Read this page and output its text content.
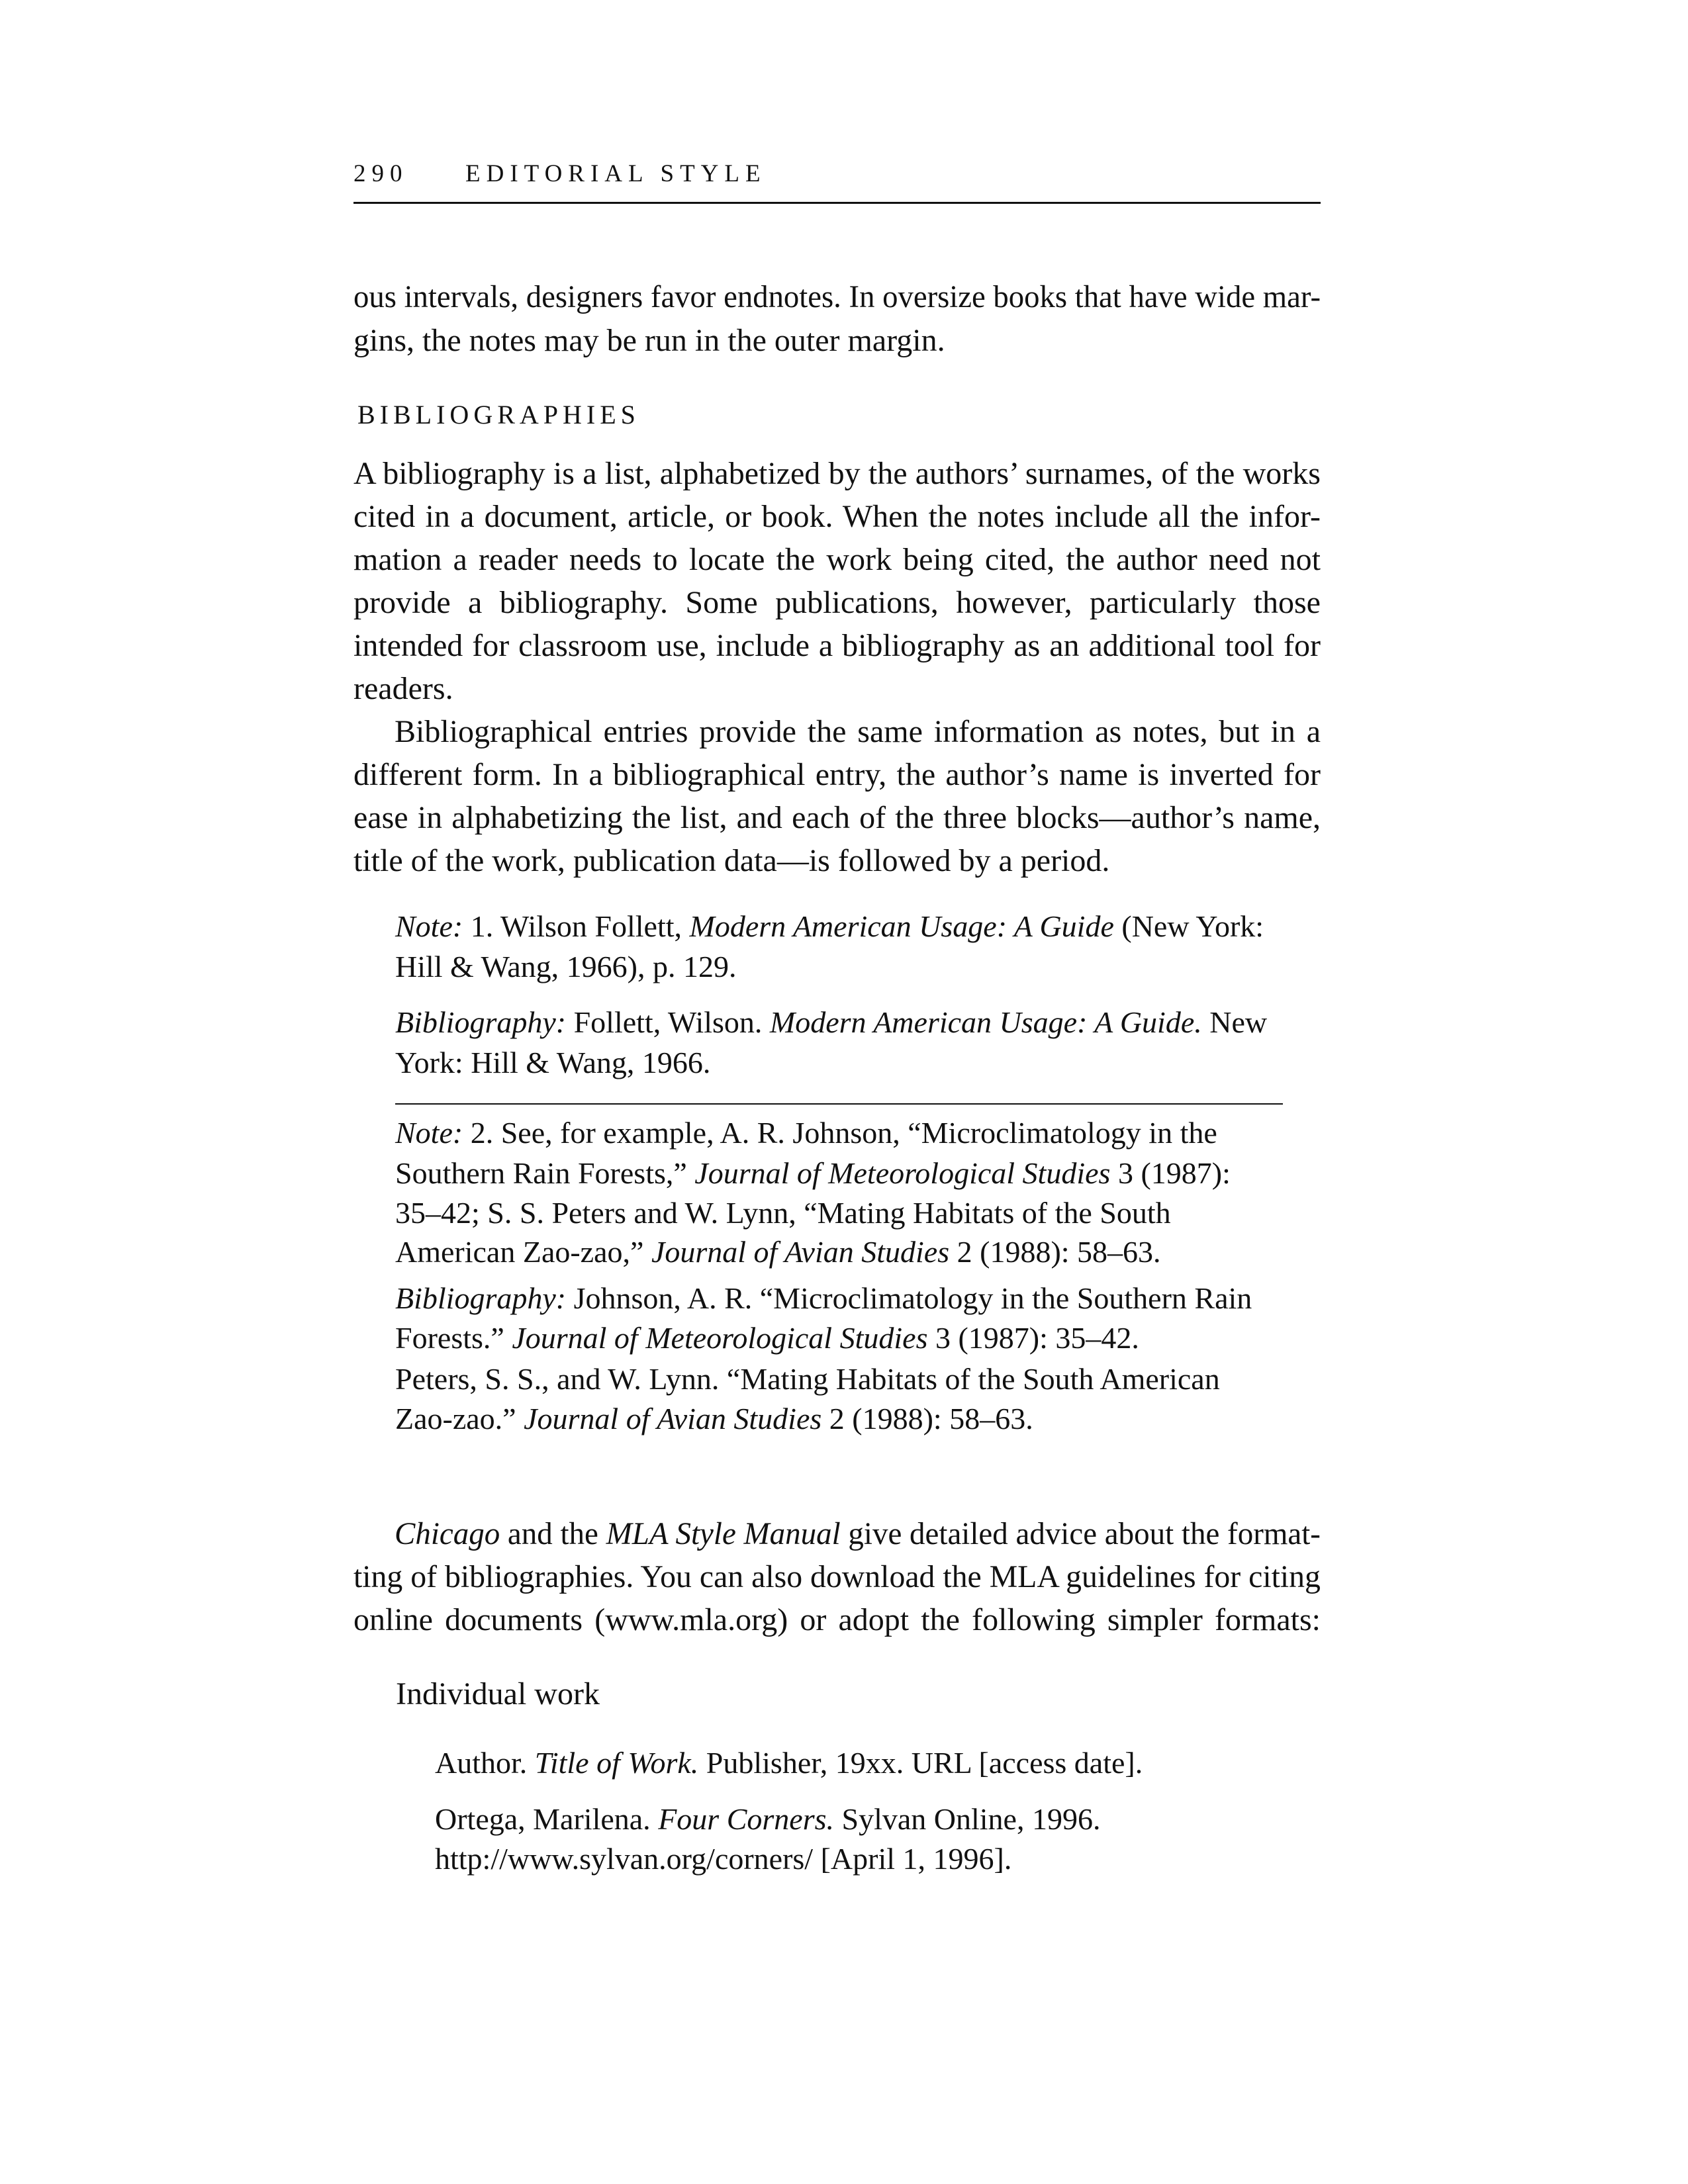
290 EDITORIAL STYLE
BIBLIOGRAPHIES
ous intervals, designers favor endnotes. In oversize books that have wide mar-
gins, the notes may be run in the outer margin.
A bibliography is a list, alphabetized by the authors’ surnames, of the works
cited in a document, article, or book. When the notes include all the infor-
mation a reader needs to locate the work being cited, the author need not
provide a bibliography. Some publications, however, particularly those
intended for classroom use, include a bibliography as an additional tool for
readers.
Bibliographical entries provide the same information as notes, but in a
different form. In a bibliographical entry, the author’s name is inverted for
ease in alphabetizing the list, and each of the three blocks—author’s name,
title of the work, publication data—is followed by a period.
Note: 1. Wilson Follett, Modern American Usage: A Guide (New York:
Hill & Wang, 1966), p. 129.
Bibliography: Follett, Wilson. Modern American Usage: A Guide. New
York: Hill & Wang, 1966.
Note: 2. See, for example, A. R. Johnson, “Microclimatology in the
Southern Rain Forests,” Journal of Meteorological Studies 3 (1987):
35–42; S. S. Peters and W. Lynn, “Mating Habitats of the South
American Zao-zao,” Journal of Avian Studies 2 (1988): 58–63.
Bibliography: Johnson, A. R. “Microclimatology in the Southern Rain
Forests.” Journal of Meteorological Studies 3 (1987): 35–42.
Peters, S. S., and W. Lynn. “Mating Habitats of the South American
Zao-zao.” Journal of Avian Studies 2 (1988): 58–63.
Chicago and the MLA Style Manual give detailed advice about the format-
ting of bibliographies. You can also download the MLA guidelines for citing
online documents (www.mla.org) or adopt the following simpler formats:
Individual work
Author. Title of Work. Publisher, 19xx. URL [access date].
Ortega, Marilena. Four Corners. Sylvan Online, 1996.
http://www.sylvan.org/corners/ [April 1, 1996].
